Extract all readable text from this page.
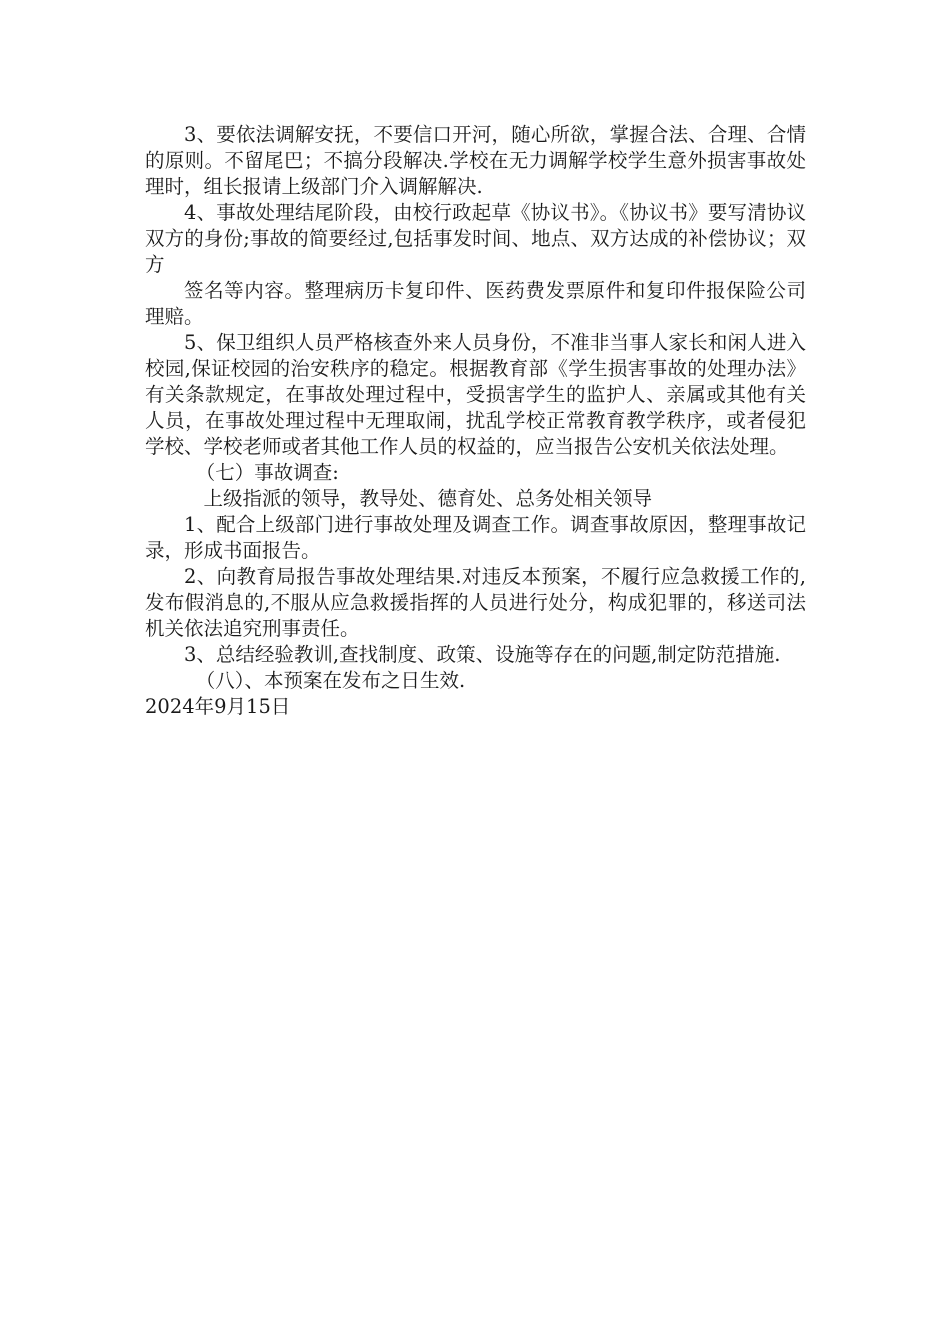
3、要依法调解安抚，不要信口开河，随心所欲，掌握合法、合理、合情的原则。不留尾巴；不搞分段解决.学校在无力调解学校学生意外损害事故处理时，组长报请上级部门介入调解解决.

4、事故处理结尾阶段，由校行政起草《协议书》。《协议书》要写清协议双方的身份;事故的简要经过,包括事发时间、地点、双方达成的补偿协议；双方

签名等内容。整理病历卡复印件、医药费发票原件和复印件报保险公司理赔。

5、保卫组织人员严格核查外来人员身份，不准非当事人家长和闲人进入校园,保证校园的治安秩序的稳定。根据教育部《学生损害事故的处理办法》有关条款规定，在事故处理过程中，受损害学生的监护人、亲属或其他有关人员，在事故处理过程中无理取闹，扰乱学校正常教育教学秩序，或者侵犯学校、学校老师或者其他工作人员的权益的，应当报告公安机关依法处理。

（七）事故调查:

上级指派的领导，教导处、德育处、总务处相关领导

1、配合上级部门进行事故处理及调查工作。调查事故原因，整理事故记录，形成书面报告。

2、向教育局报告事故处理结果.对违反本预案，不履行应急救援工作的,发布假消息的,不服从应急救援指挥的人员进行处分，构成犯罪的，移送司法机关依法追究刑事责任。

3、总结经验教训,查找制度、政策、设施等存在的问题,制定防范措施.

（八）、本预案在发布之日生效.

2024年9月15日
